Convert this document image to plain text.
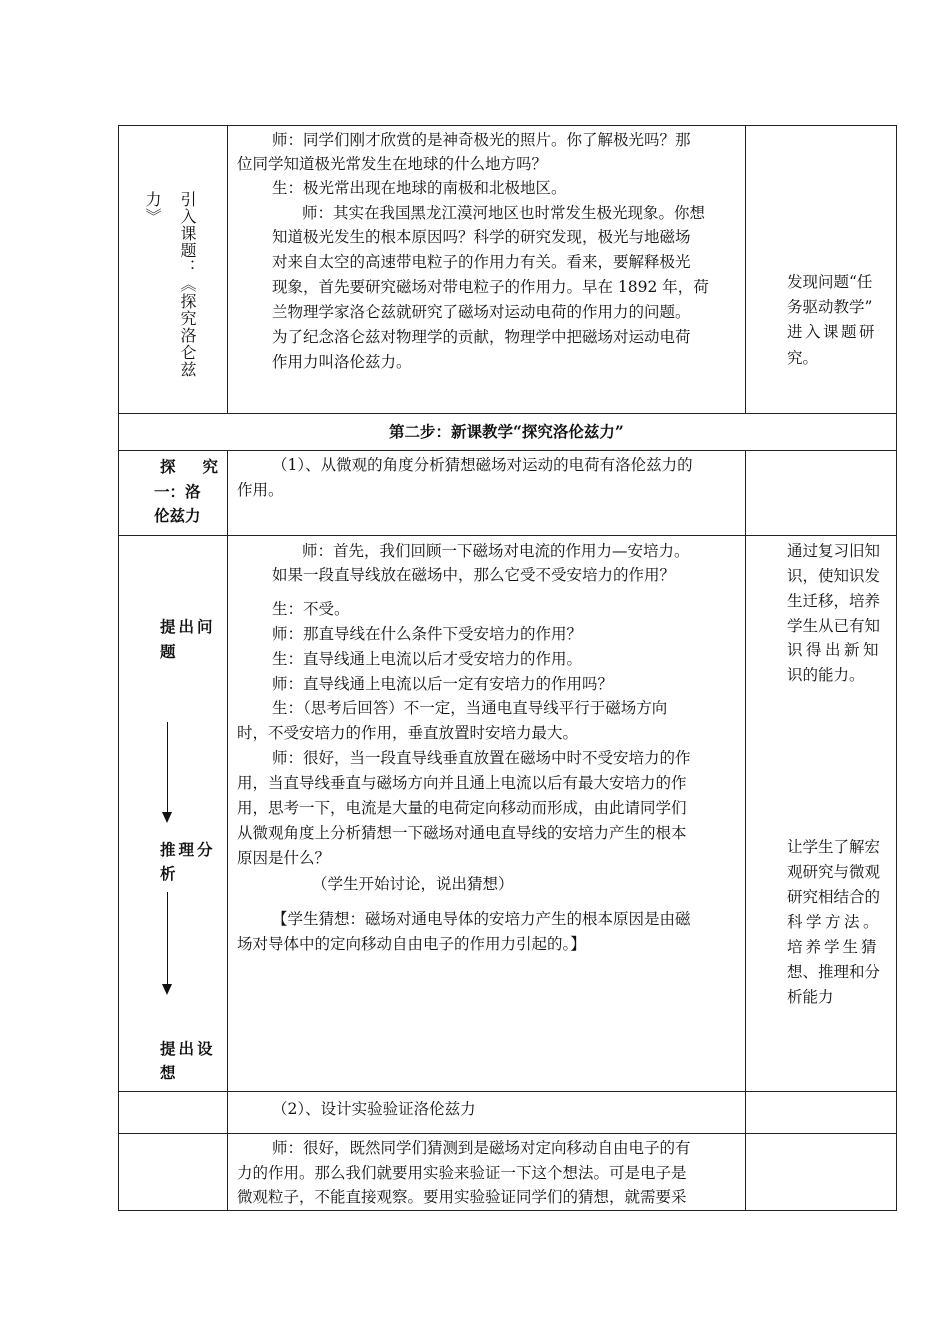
引入课题：《探究洛仑兹
力》
师：同学们刚才欣赏的是神奇极光的照片。你了解极光吗？那
位同学知道极光常发生在地球的什么地方吗？
生：极光常出现在地球的南极和北极地区。
师：其实在我国黑龙江漠河地区也时常发生极光现象。你想
知道极光发生的根本原因吗？科学的研究发现，极光与地磁场
对来自太空的高速带电粒子的作用力有关。看来，要解释极光
现象，首先要研究磁场对带电粒子的作用力。早在 1892 年，荷
兰物理学家洛仑兹就研究了磁场对运动电荷的作用力的问题。
为了纪念洛仑兹对物理学的贡献，物理学中把磁场对运动电荷
作用力叫洛伦兹力。
发现问题“任
务驱动教学”
进入课题研
究。
第二步：新课教学“探究洛伦兹力”
探 究
一：洛
伦兹力
（1）、从微观的角度分析猜想磁场对运动的电荷有洛伦兹力的
作用。
提出问
题
推理分
析
提出设
想
师：首先，我们回顾一下磁场对电流的作用力—安培力。
如果一段直导线放在磁场中，那么它受不受安培力的作用？
生：不受。
师：那直导线在什么条件下受安培力的作用？
生：直导线通上电流以后才受安培力的作用。
师：直导线通上电流以后一定有安培力的作用吗？
生：（思考后回答）不一定，当通电直导线平行于磁场方向
时，不受安培力的作用，垂直放置时安培力最大。
师：很好，当一段直导线垂直放置在磁场中时不受安培力的作
用，当直导线垂直与磁场方向并且通上电流以后有最大安培力的作
用，思考一下，电流是大量的电荷定向移动而形成，由此请同学们
从微观角度上分析猜想一下磁场对通电直导线的安培力产生的根本
原因是什么？
（学生开始讨论，说出猜想）
【学生猜想：磁场对通电导体的安培力产生的根本原因是由磁
场对导体中的定向移动自由电子的作用力引起的。】
通过复习旧知
识，使知识发
生迁移，培养
学生从已有知
识得出新知
识的能力。
让学生了解宏
观研究与微观
研究相结合的
科学方法。
培养学生猜
想、推理和分
析能力
（2）、设计实验验证洛伦兹力
师：很好，既然同学们猜测到是磁场对定向移动自由电子的有
力的作用。那么我们就要用实验来验证一下这个想法。可是电子是
微观粒子，不能直接观察。要用实验验证同学们的猜想，就需要采
